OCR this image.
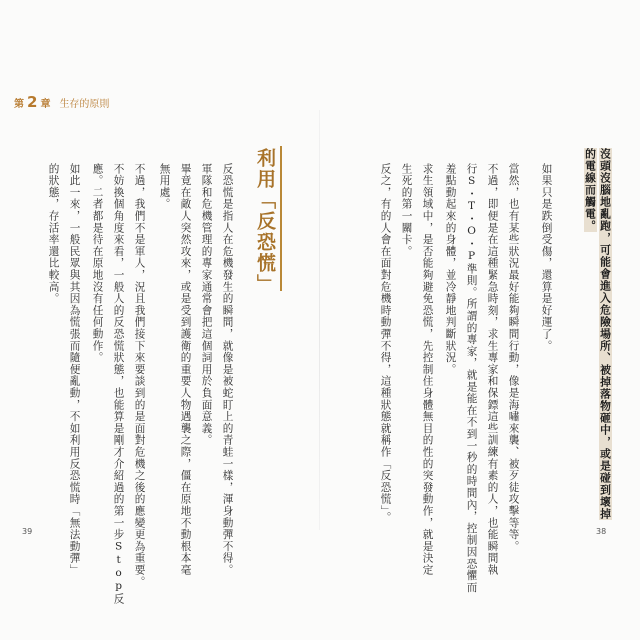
第 2 章 生存的原則
沒頭沒腦地亂跑，可能會進入危險場所、被掉落物砸中，或是碰到壞掉的電線而觸電。
如果只是跌倒受傷，還算是好運了。
當然，也有某些狀況最好能夠瞬間行動，像是海嘯來襲、被歹徒攻擊等等。
不過，即便是在這種緊急時刻，求生專家和保鏢這些訓練有素的人，也能瞬間執
行S・T・O・P準則。所謂的專家，就是能在不到一秒的時間內，控制因恐懼而
羞點動起來的身體，並冷靜地判斷狀況。
求生領域中，是否能夠避免恐慌，先控制住身體無目的性的突發動作，就是決定
生死的第一關卡。
反之，有的人會在面對危機時動彈不得，這種狀態就稱作「反恐慌」。
38
利用「反恐慌」
反恐慌是指人在危機發生的瞬間，就像是被蛇盯上的青蛙一樣，渾身動彈不得。
軍隊和危機管理的專家通常會把這個詞用於負面意義。
畢竟在敵人突然攻來，或是受到護衛的重要人物遇襲之際，僵在原地不動根本毫
無用處。
不過，我們不是軍人，況且我們接下來要談到的是面對危機之後的應變更為重要。
不妨換個角度來看，一般人的反恐慌狀態，也能算是剛才介紹過的第一步Stop反
應。二者都是待在原地沒有任何動作。
如此一來，一般民眾與其因為慌張而隨便亂動，不如利用反恐慌時「無法動彈」
的狀態，存活率還比較高。
39
